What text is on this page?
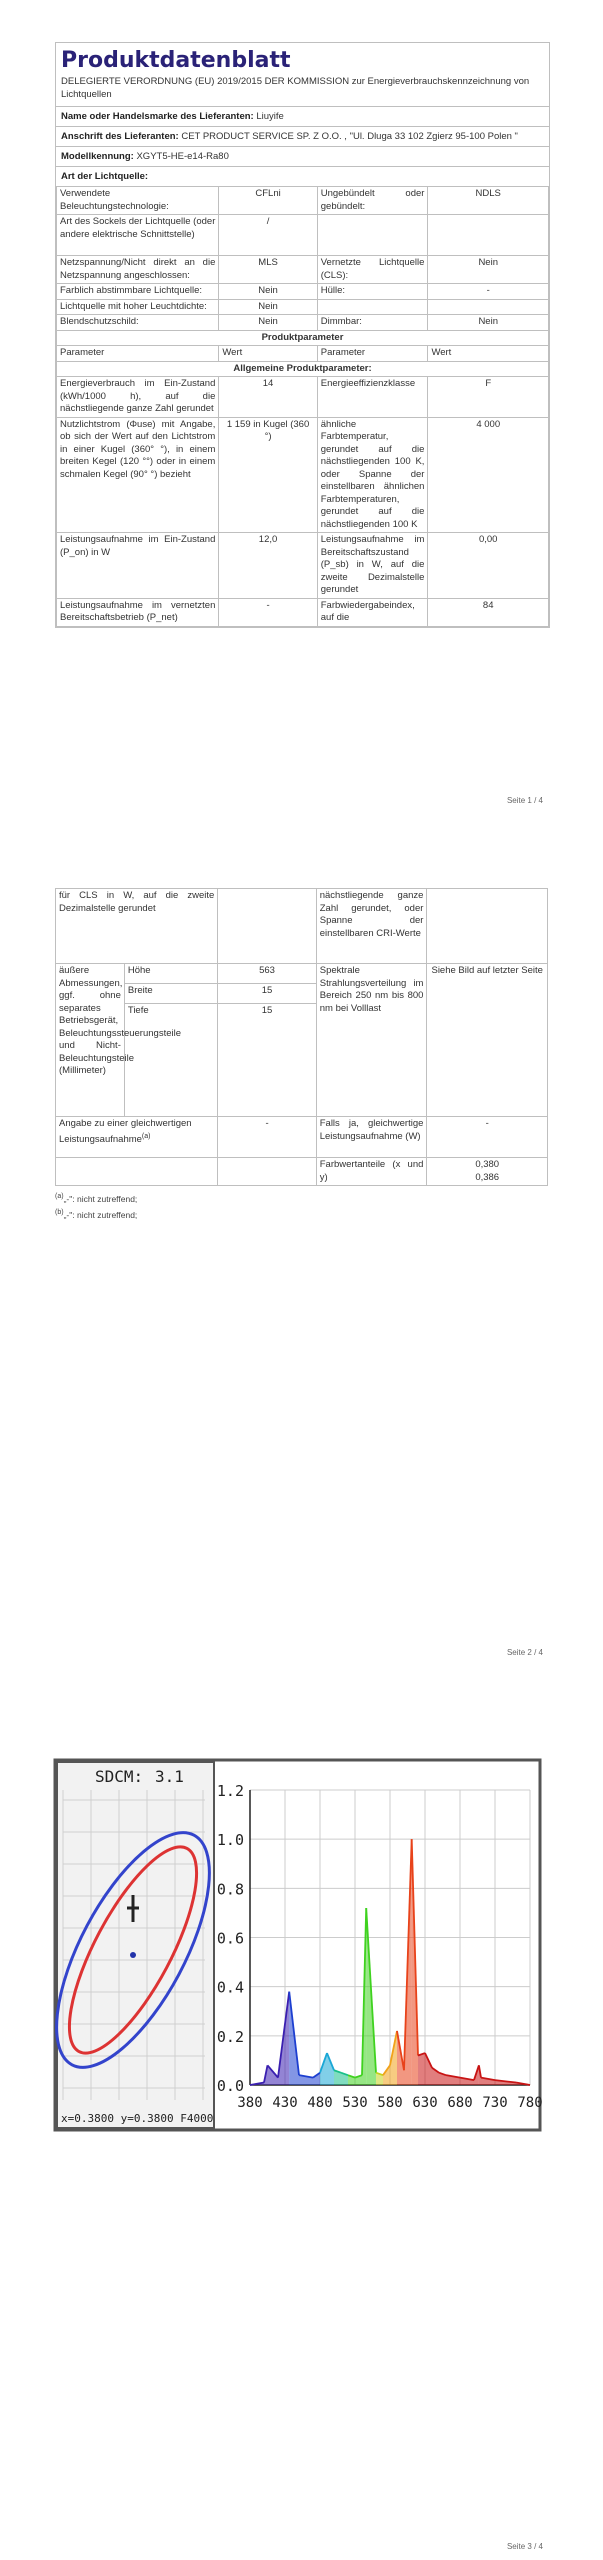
Produktdatenblatt
DELEGIERTE VERORDNUNG (EU) 2019/2015 DER KOMMISSION zur Energieverbrauchskennzeichnung von Lichtquellen
Name oder Handelsmarke des Lieferanten: Liuyife
Anschrift des Lieferanten: CET PRODUCT SERVICE SP. Z O.O. , "Ul. Dluga 33 102 Zgierz 95-100 Polen "
Modellkennung: XGYT5-HE-e14-Ra80
Art der Lichtquelle:
Verwendete Beleuchtungstechnologie:	CFLni	Ungebündelt oder gebündelt:	NDLS
Art des Sockels der Lichtquelle (oder andere elektrische Schnittstelle)	/		
Netzspannung/Nicht direkt an die Netzspannung angeschlossen:	MLS	Vernetzte Lichtquelle (CLS):	Nein
Farblich abstimmbare Lichtquelle:	Nein	Hülle:	-
Lichtquelle mit hoher Leuchtdichte:	Nein		
Blendschutzschild:	Nein	Dimmbar:	Nein
Produktparameter			
Parameter	Wert	Parameter	Wert
Allgemeine Produktparameter:			
Energieverbrauch im Ein-Zustand (kWh/1000 h), auf die nächstliegende ganze Zahl gerundet	14	Energieeffizienzklasse	F
Nutzlichtstrom (Φuse) mit Angabe, ob sich der Wert auf den Lichtstrom in einer Kugel (360° °), in einem breiten Kegel (120 °°) oder in einem schmalen Kegel (90° °) bezieht	1 159 in Kugel (360 °)	ähnliche Farbtemperatur, gerundet auf die nächstliegenden 100 K, oder Spanne der einstellbaren ähnlichen Farbtemperaturen, gerundet auf die nächstliegenden 100 K	4 000
Leistungsaufnahme im Ein-Zustand (P_on) in W	12,0	Leistungsaufnahme im Bereitschaftszustand (P_sb) in W, auf die zweite Dezimalstelle gerundet	0,00
Leistungsaufnahme im vernetzten Bereitschaftsbetrieb (P_net)	-	Farbwiedergabeindex, auf die	84
Seite 1 / 4
für CLS in W, auf die zweite Dezimalstelle gerundet			nächstliegende ganze Zahl gerundet, oder Spanne der einstellbaren CRI-Werte	
äußere Abmessungen, ggf. ohne separates Betriebsgerät, Beleuchtungssteuerungsteile und Nicht-Beleuchtungsteile (Millimeter)	Höhe	563	Spektrale Strahlungsverteilung im Bereich 250 nm bis 800 nm bei Volllast	Siehe Bild auf letzter Seite
	Breite	15		
	Tiefe	15		
Angabe zu einer gleichwertigen Leistungsaufnahme$^{(a)}$		-	Falls ja, gleichwertige Leistungsaufnahme (W)	-
			Farbwertanteile (x und y)	0,380
0,386
$^{(a)}$„-": nicht zutreffend;
$^{(b)}$„-": nicht zutreffend;
Seite 2 / 4
SDCM: 3.1
x=0.3800 y=0.3800 F4000
1.2
1.0
0.8
0.6
0.4
0.2
0.0
380 430 480 530 580 630 680 730 780
Seite 3 / 4
